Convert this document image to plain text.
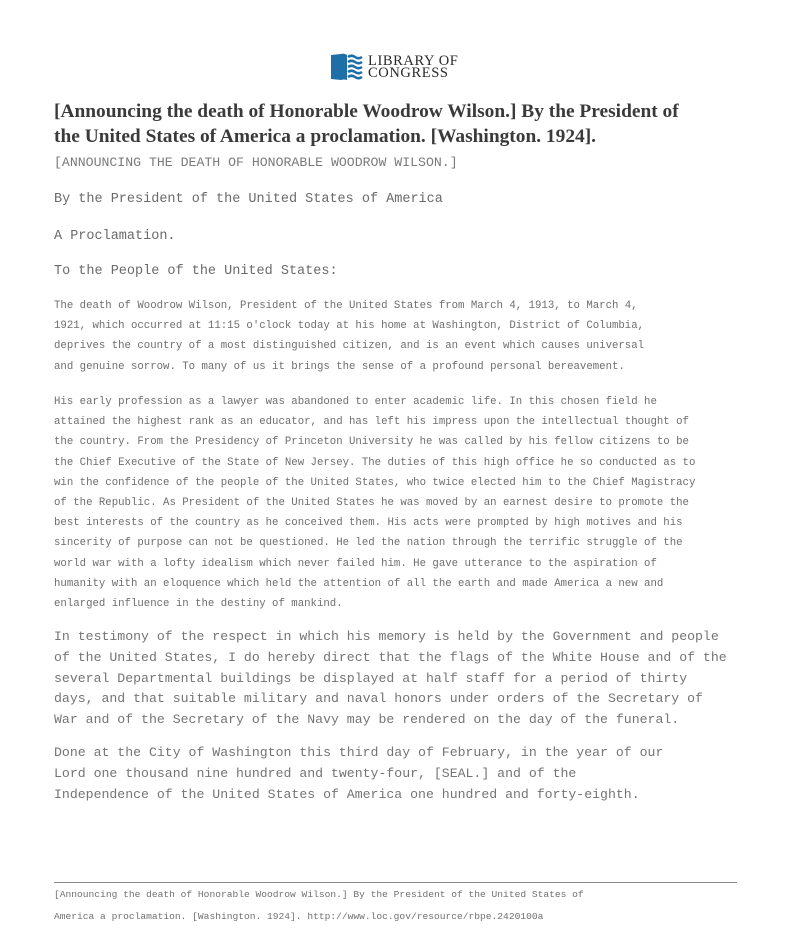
LIBRARY OF
CONGRESS
[Announcing the death of Honorable Woodrow Wilson.] By the President of
the United States of America a proclamation. [Washington. 1924].
[ANNOUNCING THE DEATH OF HONORABLE WOODROW WILSON.]
By the President of the United States of America
A Proclamation.
To the People of the United States:

The death of Woodrow Wilson, President of the United States from March 4, 1913, to March 4,
1921, which occurred at 11:15 o'clock today at his home at Washington, District of Columbia,
deprives the country of a most distinguished citizen, and is an event which causes universal
and genuine sorrow. To many of us it brings the sense of a profound personal bereavement.

His early profession as a lawyer was abandoned to enter academic life. In this chosen field he
attained the highest rank as an educator, and has left his impress upon the intellectual thought of
the country. From the Presidency of Princeton University he was called by his fellow citizens to be
the Chief Executive of the State of New Jersey. The duties of this high office he so conducted as to
win the confidence of the people of the United States, who twice elected him to the Chief Magistracy
of the Republic. As President of the United States he was moved by an earnest desire to promote the
best interests of the country as he conceived them. His acts were prompted by high motives and his
sincerity of purpose can not be questioned. He led the nation through the terrific struggle of the
world war with a lofty idealism which never failed him. He gave utterance to the aspiration of
humanity with an eloquence which held the attention of all the earth and made America a new and
enlarged influence in the destiny of mankind.

In testimony of the respect in which his memory is held by the Government and people
of the United States, I do hereby direct that the flags of the White House and of the
several Departmental buildings be displayed at half staff for a period of thirty
days, and that suitable military and naval honors under orders of the Secretary of
War and of the Secretary of the Navy may be rendered on the day of the funeral.

Done at the City of Washington this third day of February, in the year of our
Lord one thousand nine hundred and twenty-four, [SEAL.] and of the
Independence of the United States of America one hundred and forty-eighth.

[Announcing the death of Honorable Woodrow Wilson.] By the President of the United States of
America a proclamation. [Washington. 1924]. http://www.loc.gov/resource/rbpe.2420100a
